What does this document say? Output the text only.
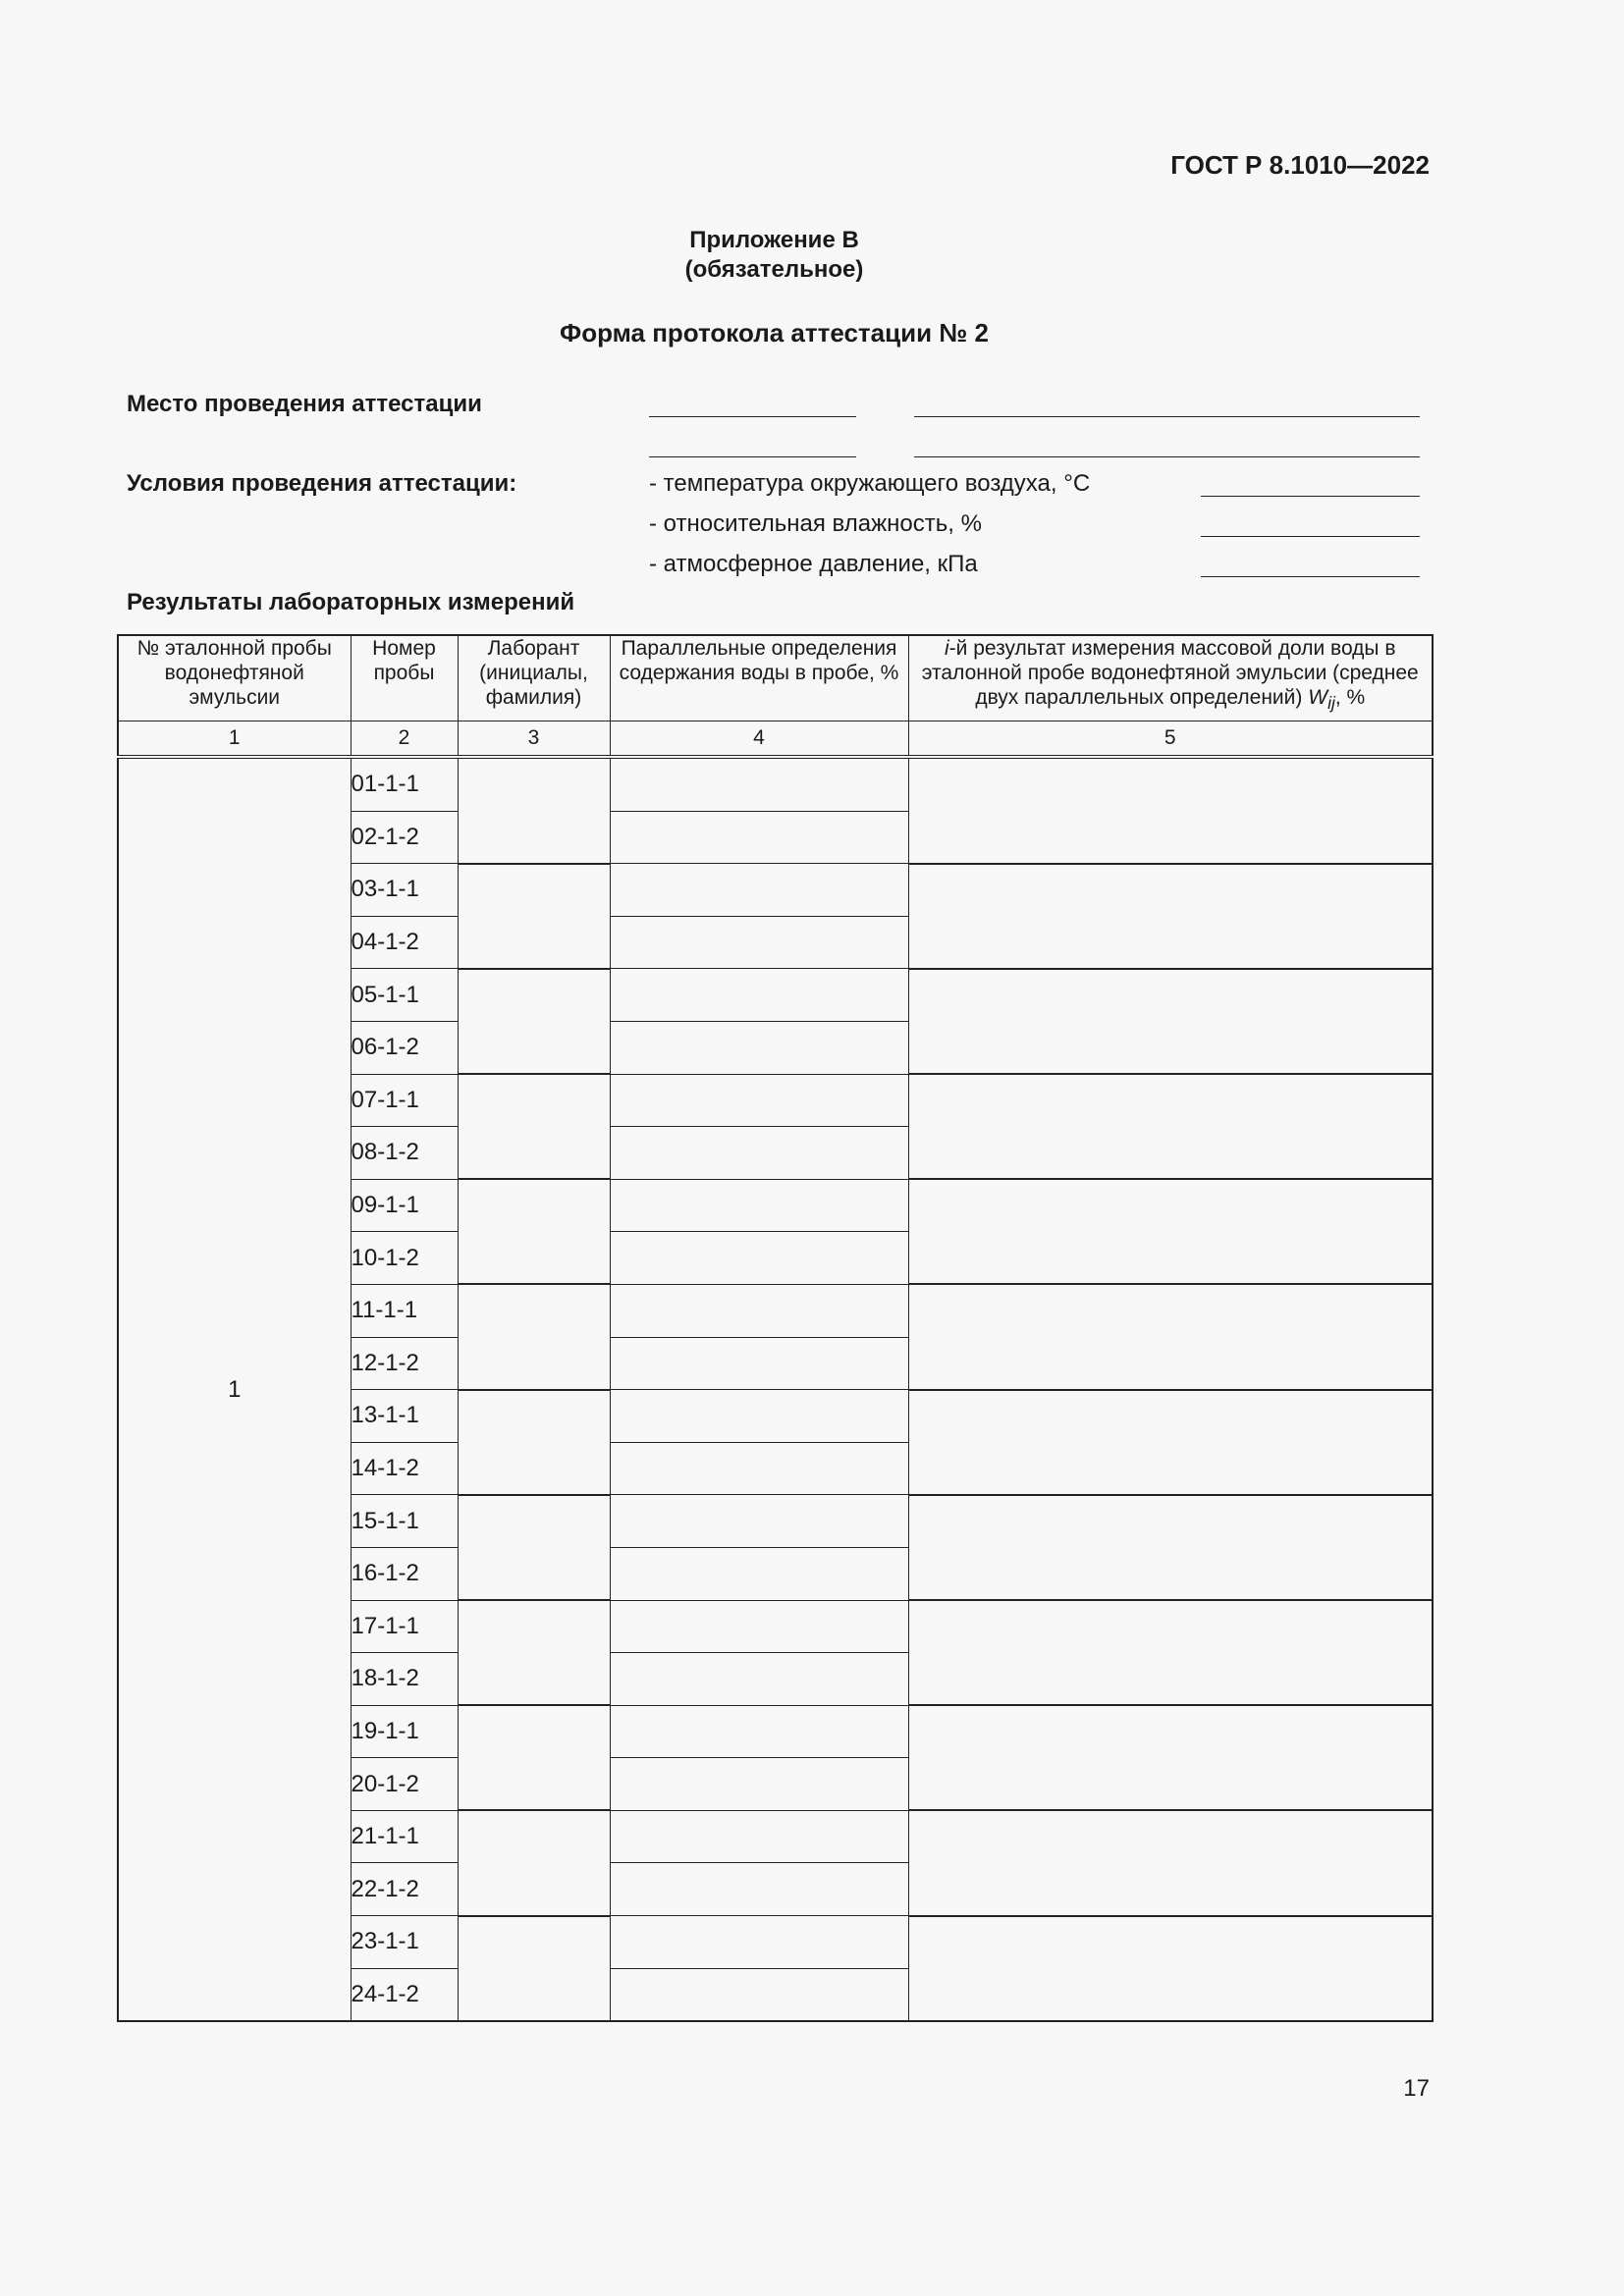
ГОСТ Р 8.1010—2022
Приложение В
(обязательное)
Форма протокола аттестации № 2
Место проведения аттестации
Условия проведения аттестации:	- температура окружающего воздуха, °С
- относительная влажность, %
- атмосферное давление, кПа
Результаты лабораторных измерений
№ эталонной пробы водонефтяной эмульсии	Номер пробы	Лаборант (инициалы, фамилия)	Параллельные определения содержания воды в пробе, %	i-й результат измерения массовой доли воды в эталонной пробе водонефтяной эмульсии (среднее двух параллельных определений) $W_{ij}$, %
1	2	3	4	5
1	01-1-1			
	02-1-2			
	03-1-1			
	04-1-2			
	05-1-1			
	06-1-2			
	07-1-1			
	08-1-2			
	09-1-1			
	10-1-2			
	11-1-1			
	12-1-2			
	13-1-1			
	14-1-2			
	15-1-1			
	16-1-2			
	17-1-1			
	18-1-2			
	19-1-1			
	20-1-2			
	21-1-1			
	22-1-2			
	23-1-1			
	24-1-2			
17
